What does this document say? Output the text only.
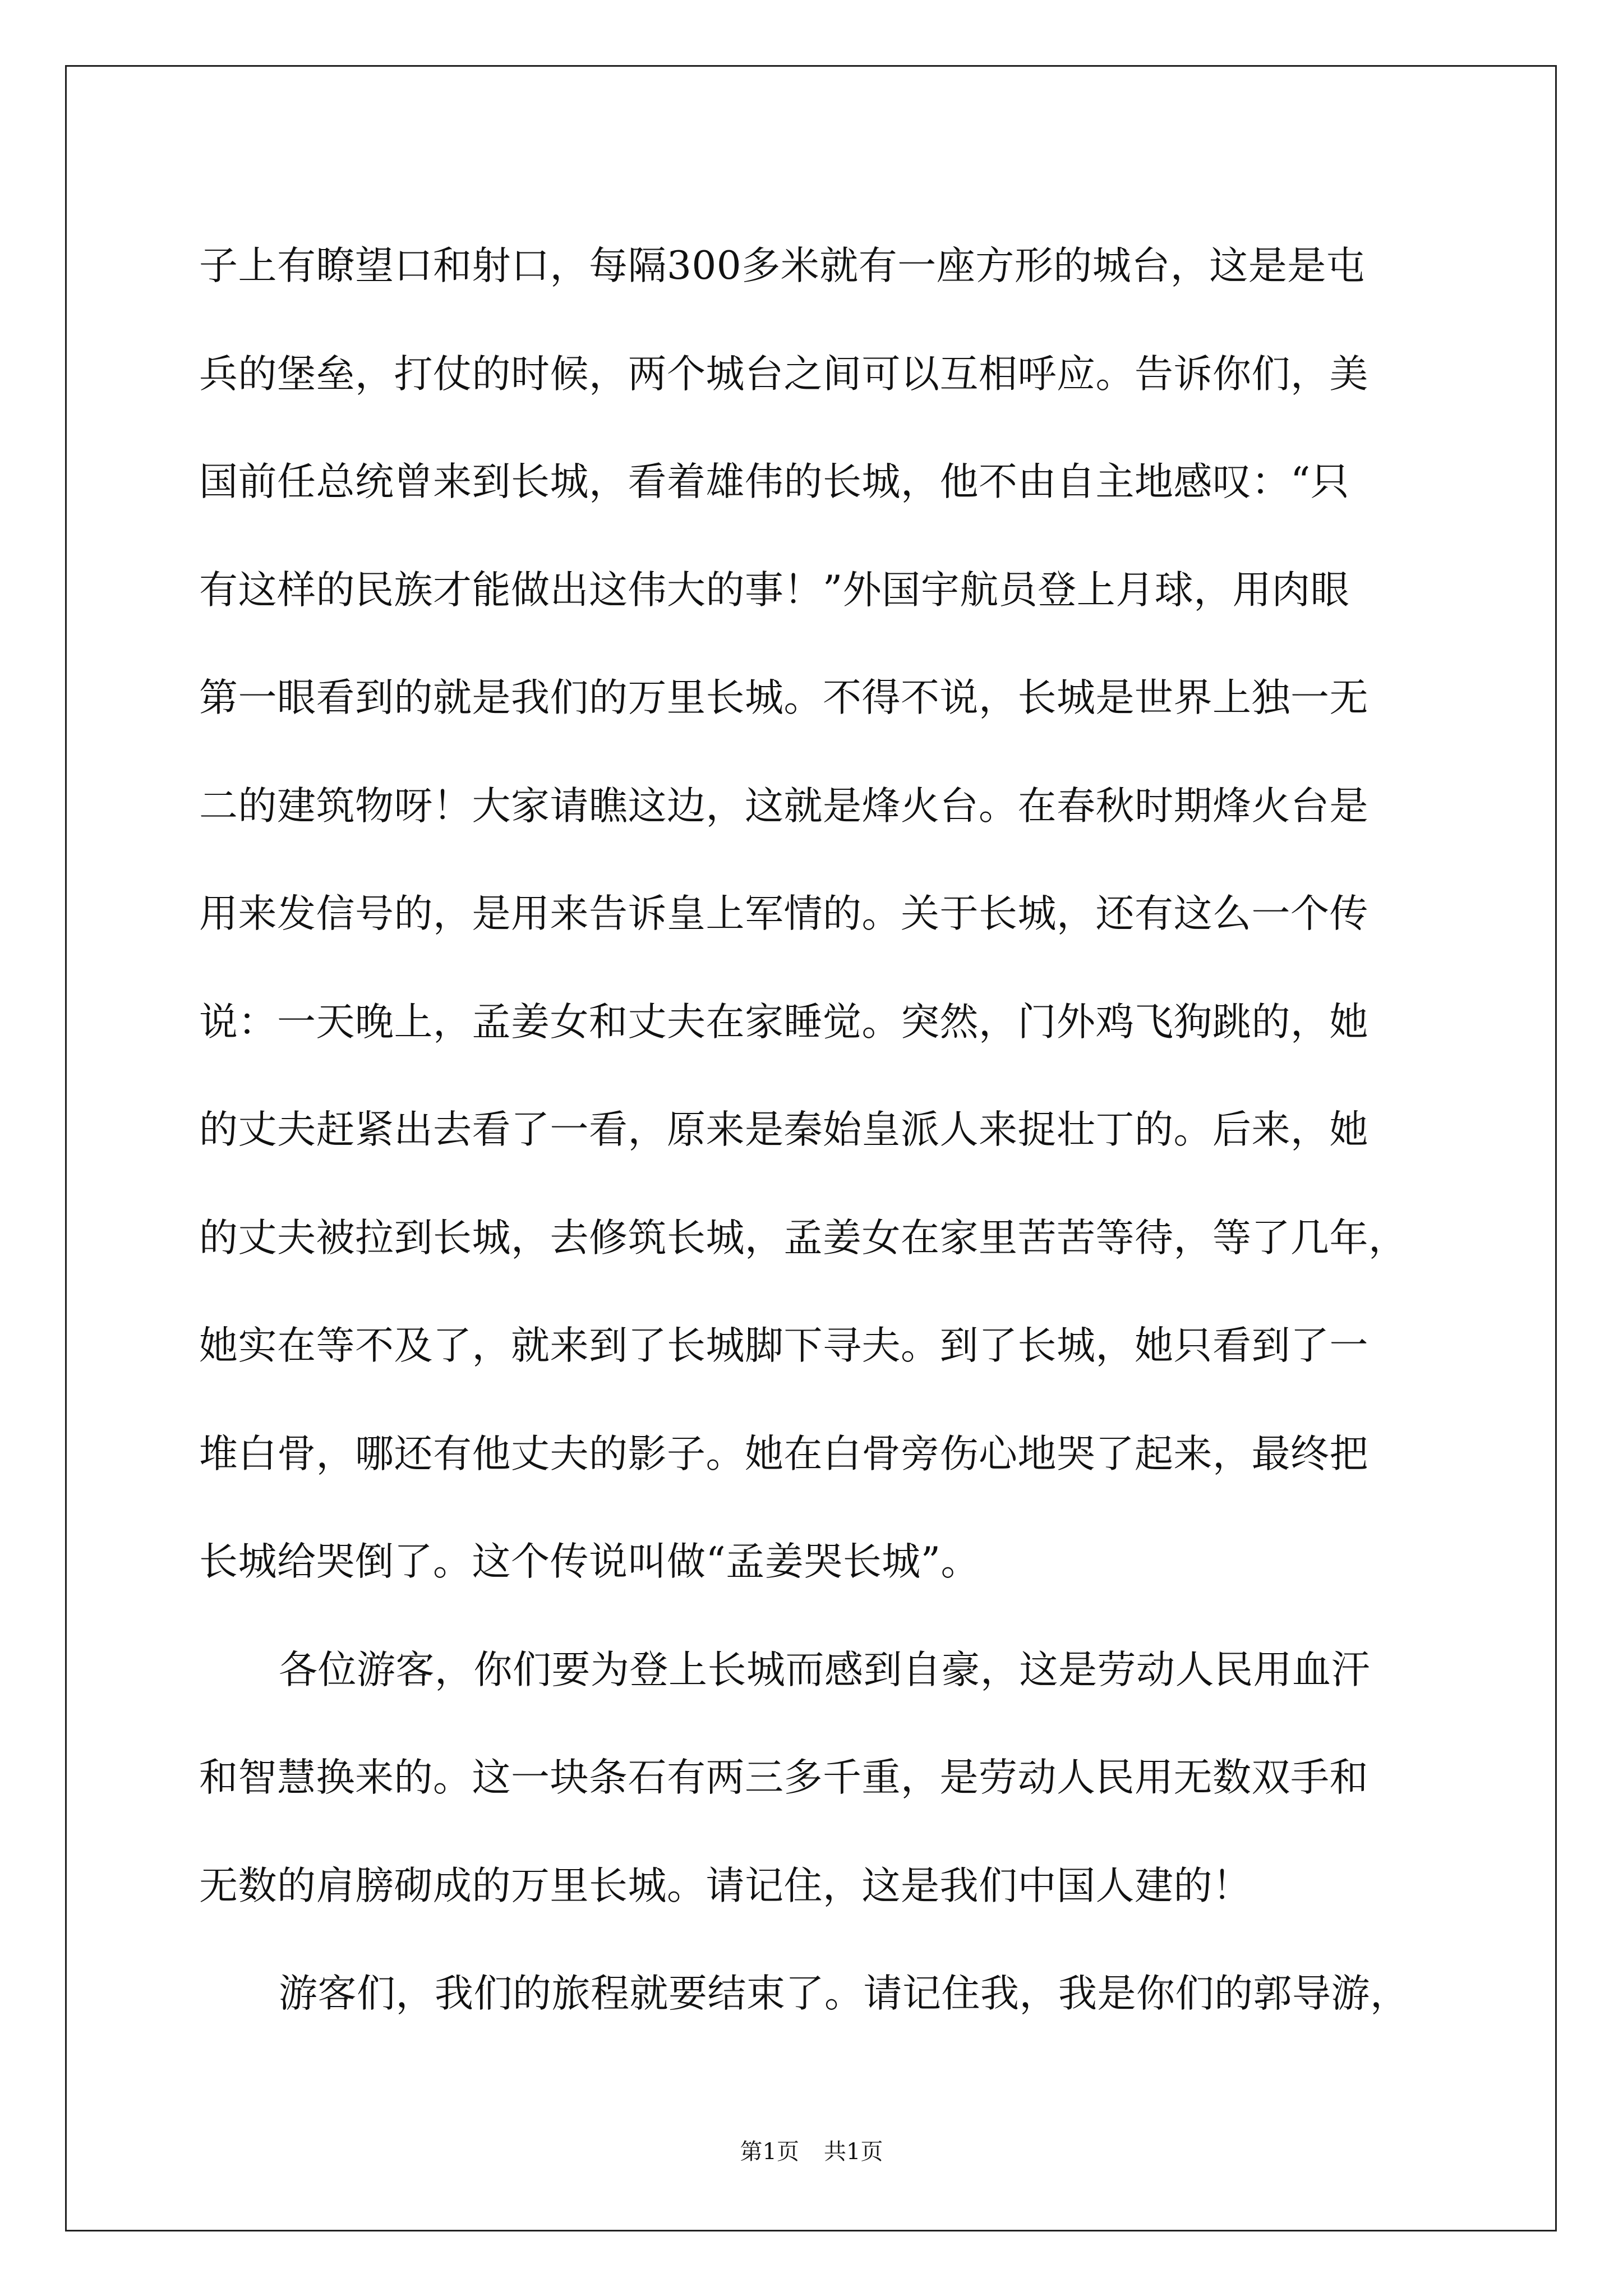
子上有瞭望口和射口，每隔300多米就有一座方形的城台，这是是屯
兵的堡垒，打仗的时候，两个城台之间可以互相呼应。告诉你们，美
国前任总统曾来到长城，看着雄伟的长城，他不由自主地感叹：“只
有这样的民族才能做出这伟大的事！”外国宇航员登上月球，用肉眼
第一眼看到的就是我们的万里长城。不得不说，长城是世界上独一无
二的建筑物呀！大家请瞧这边，这就是烽火台。在春秋时期烽火台是
用来发信号的，是用来告诉皇上军情的。关于长城，还有这么一个传
说：一天晚上，孟姜女和丈夫在家睡觉。突然，门外鸡飞狗跳的，她
的丈夫赶紧出去看了一看，原来是秦始皇派人来捉壮丁的。后来，她
的丈夫被拉到长城，去修筑长城，孟姜女在家里苦苦等待，等了几年，
她实在等不及了，就来到了长城脚下寻夫。到了长城，她只看到了一
堆白骨，哪还有他丈夫的影子。她在白骨旁伤心地哭了起来，最终把
长城给哭倒了。这个传说叫做“孟姜哭长城”。
各位游客，你们要为登上长城而感到自豪，这是劳动人民用血汗
和智慧换来的。这一块条石有两三多千重，是劳动人民用无数双手和
无数的肩膀砌成的万里长城。请记住，这是我们中国人建的！
游客们，我们的旅程就要结束了。请记住我，我是你们的郭导游，
第1页 共1页
